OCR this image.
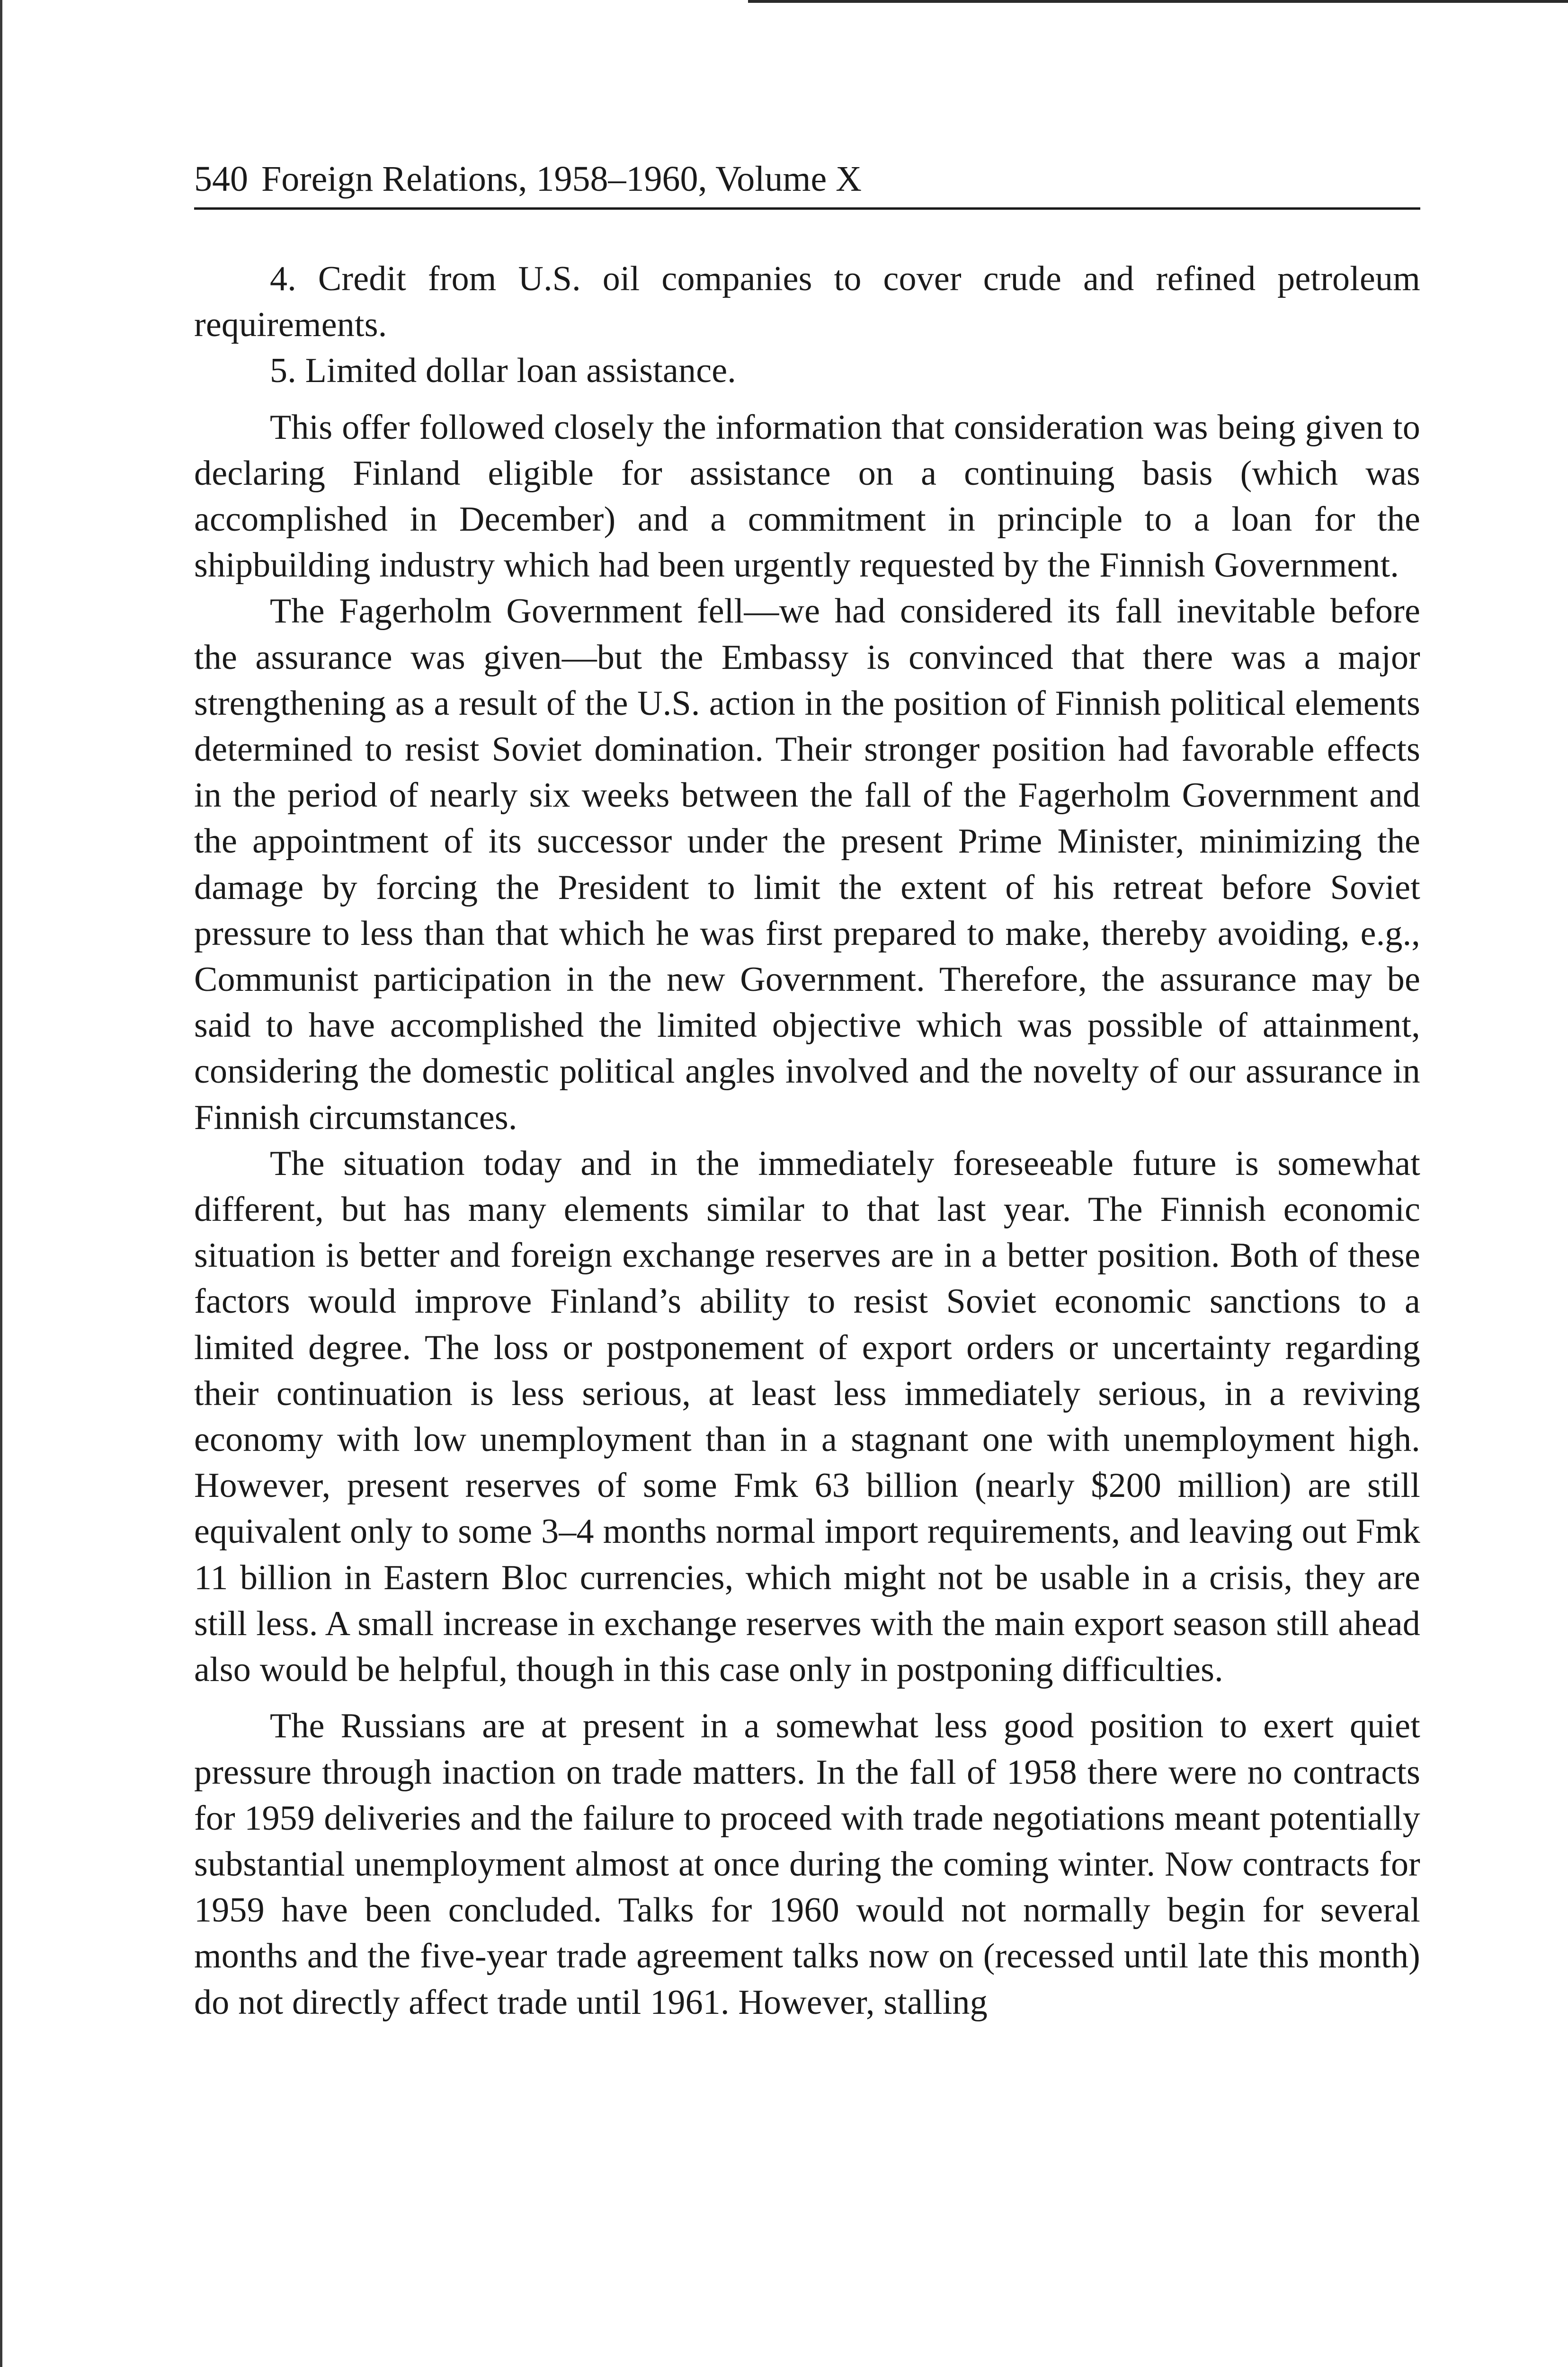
540 Foreign Relations, 1958–1960, Volume X

4. Credit from U.S. oil companies to cover crude and refined petroleum requirements.

5. Limited dollar loan assistance.

This offer followed closely the information that consideration was being given to declaring Finland eligible for assistance on a continuing basis (which was accomplished in December) and a commitment in principle to a loan for the shipbuilding industry which had been urgently requested by the Finnish Government.

The Fagerholm Government fell—we had considered its fall inevitable before the assurance was given—but the Embassy is convinced that there was a major strengthening as a result of the U.S. action in the position of Finnish political elements determined to resist Soviet domination. Their stronger position had favorable effects in the period of nearly six weeks between the fall of the Fagerholm Government and the appointment of its successor under the present Prime Minister, minimizing the damage by forcing the President to limit the extent of his retreat before Soviet pressure to less than that which he was first prepared to make, thereby avoiding, e.g., Communist participation in the new Government. Therefore, the assurance may be said to have accomplished the limited objective which was possible of attainment, considering the domestic political angles involved and the novelty of our assurance in Finnish circumstances.

The situation today and in the immediately foreseeable future is somewhat different, but has many elements similar to that last year. The Finnish economic situation is better and foreign exchange reserves are in a better position. Both of these factors would improve Finland’s ability to resist Soviet economic sanctions to a limited degree. The loss or postponement of export orders or uncertainty regarding their continuation is less serious, at least less immediately serious, in a reviving economy with low unemployment than in a stagnant one with unemployment high. However, present reserves of some Fmk 63 billion (nearly $200 million) are still equivalent only to some 3–4 months normal import requirements, and leaving out Fmk 11 billion in Eastern Bloc currencies, which might not be usable in a crisis, they are still less. A small increase in exchange reserves with the main export season still ahead also would be helpful, though in this case only in postponing difficulties.

The Russians are at present in a somewhat less good position to exert quiet pressure through inaction on trade matters. In the fall of 1958 there were no contracts for 1959 deliveries and the failure to proceed with trade negotiations meant potentially substantial unemployment almost at once during the coming winter. Now contracts for 1959 have been concluded. Talks for 1960 would not normally begin for several months and the five-year trade agreement talks now on (recessed until late this month) do not directly affect trade until 1961. However, stalling
